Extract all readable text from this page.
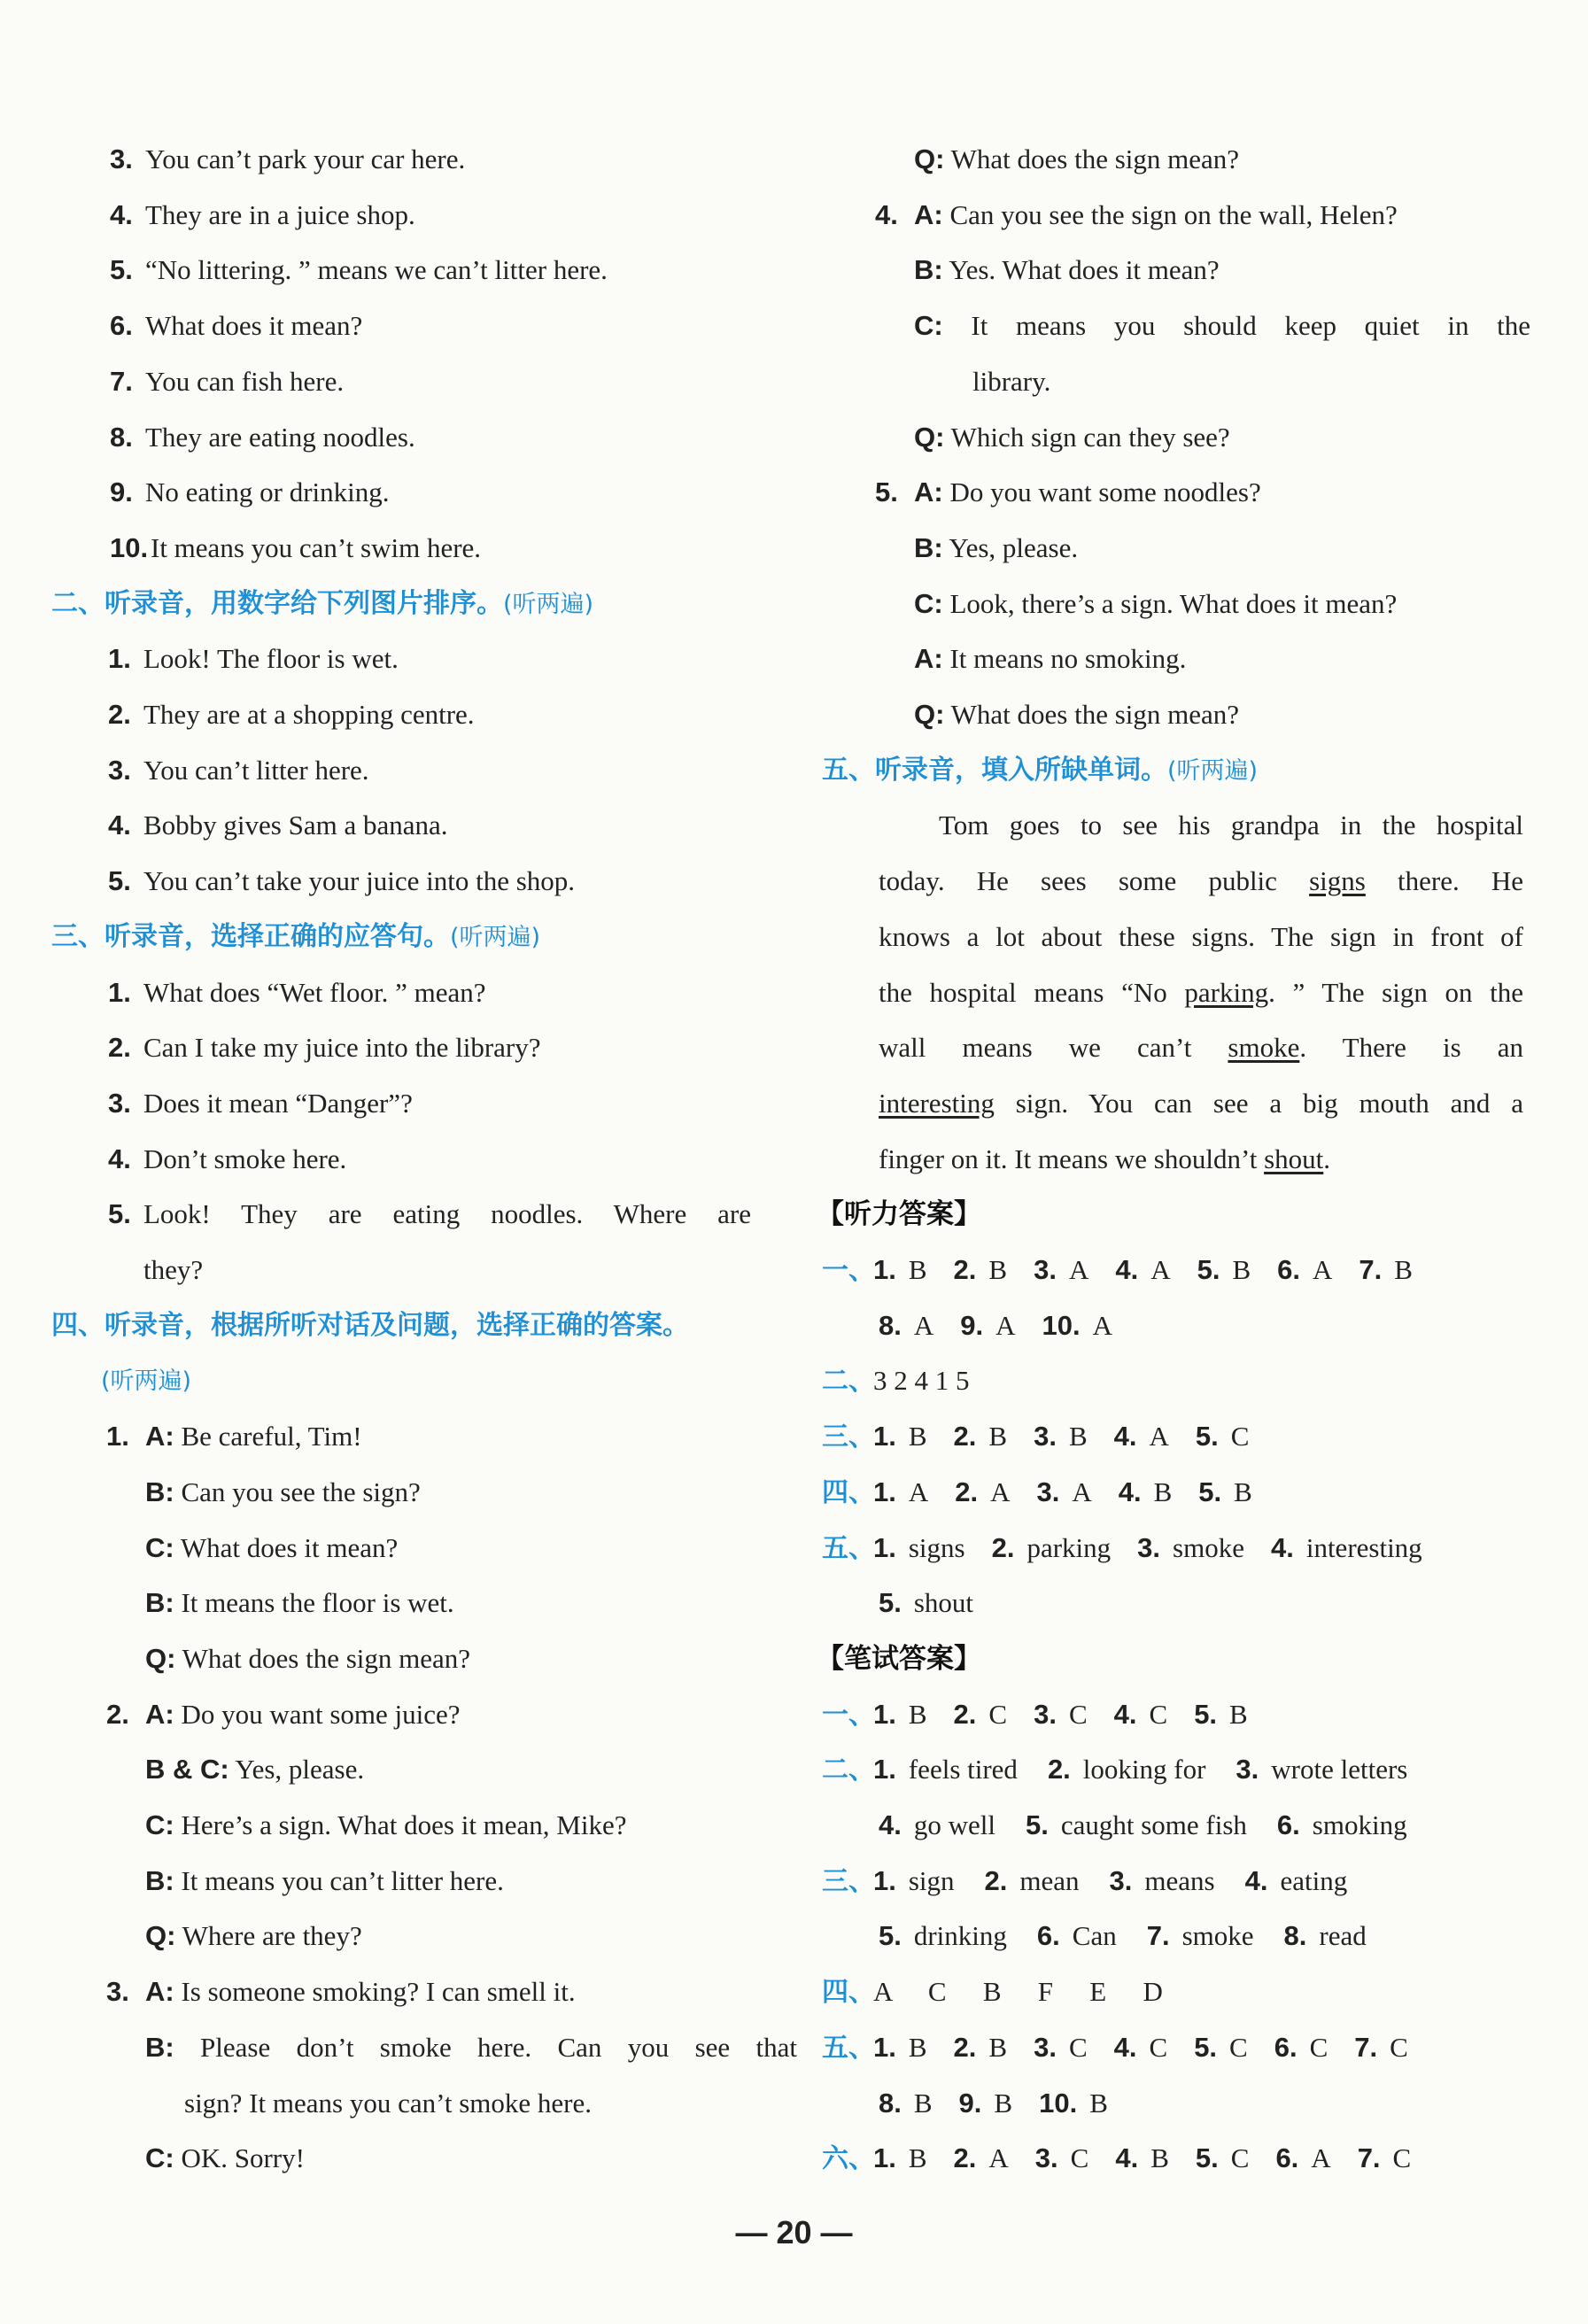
3. You can’t park your car here.
4. They are in a juice shop.
5. “No littering. ” means we can’t litter here.
6. What does it mean?
7. You can fish here.
8. They are eating noodles.
9. No eating or drinking.
10.It means you can’t swim here.
二、听录音，用数字给下列图片排序。(听两遍)
1. Look! The floor is wet.
2. They are at a shopping centre.
3. You can’t litter here.
4. Bobby gives Sam a banana.
5. You can’t take your juice into the shop.
三、听录音，选择正确的应答句。(听两遍)
1. What does “Wet floor. ” mean?
2. Can I take my juice into the library?
3. Does it mean “Danger”?
4. Don’t smoke here.
5. Look! They are eating noodles. Where are
they?
四、听录音，根据所听对话及问题，选择正确的答案。
(听两遍)
1. A: Be careful, Tim!
B: Can you see the sign?
C: What does it mean?
B: It means the floor is wet.
Q: What does the sign mean?
2. A: Do you want some juice?
B & C: Yes, please.
C: Here’s a sign. What does it mean, Mike?
B: It means you can’t litter here.
Q: Where are they?
3. A: Is someone smoking? I can smell it.
B: Please don’t smoke here. Can you see that
sign? It means you can’t smoke here.
C: OK. Sorry!
Q: What does the sign mean?
4. A: Can you see the sign on the wall, Helen?
B: Yes. What does it mean?
C: It means you should keep quiet in the
library.
Q: Which sign can they see?
5. A: Do you want some noodles?
B: Yes, please.
C: Look, there’s a sign. What does it mean?
A: It means no smoking.
Q: What does the sign mean?
五、听录音，填入所缺单词。(听两遍)
Tom goes to see his grandpa in the hospital
today. He sees some public signs there. He
knows a lot about these signs. The sign in front of
the hospital means “No parking. ” The sign on the
wall means we can’t smoke. There is an
interesting sign. You can see a big mouth and a
finger on it. It means we shouldn’t shout.
【听力答案】
一、1. B 2. B 3. A 4. A 5. B 6. A 7. B
8. A 9. A 10. A
二、3 2 4 1 5
三、1. B 2. B 3. B 4. A 5. C
四、1. A 2. A 3. A 4. B 5. B
五、1. signs 2. parking 3. smoke 4. interesting
5. shout
【笔试答案】
一、1. B 2. C 3. C 4. C 5. B
二、1. feels tired 2. looking for 3. wrote letters
4. go well 5. caught some fish 6. smoking
三、1. sign 2. mean 3. means 4. eating
5. drinking 6. Can 7. smoke 8. read
四、A   C   B   F   E   D
五、1. B 2. B 3. C 4. C 5. C 6. C 7. C
8. B 9. B 10. B
六、1. B 2. A 3. C 4. B 5. C 6. A 7. C
— 20 —
